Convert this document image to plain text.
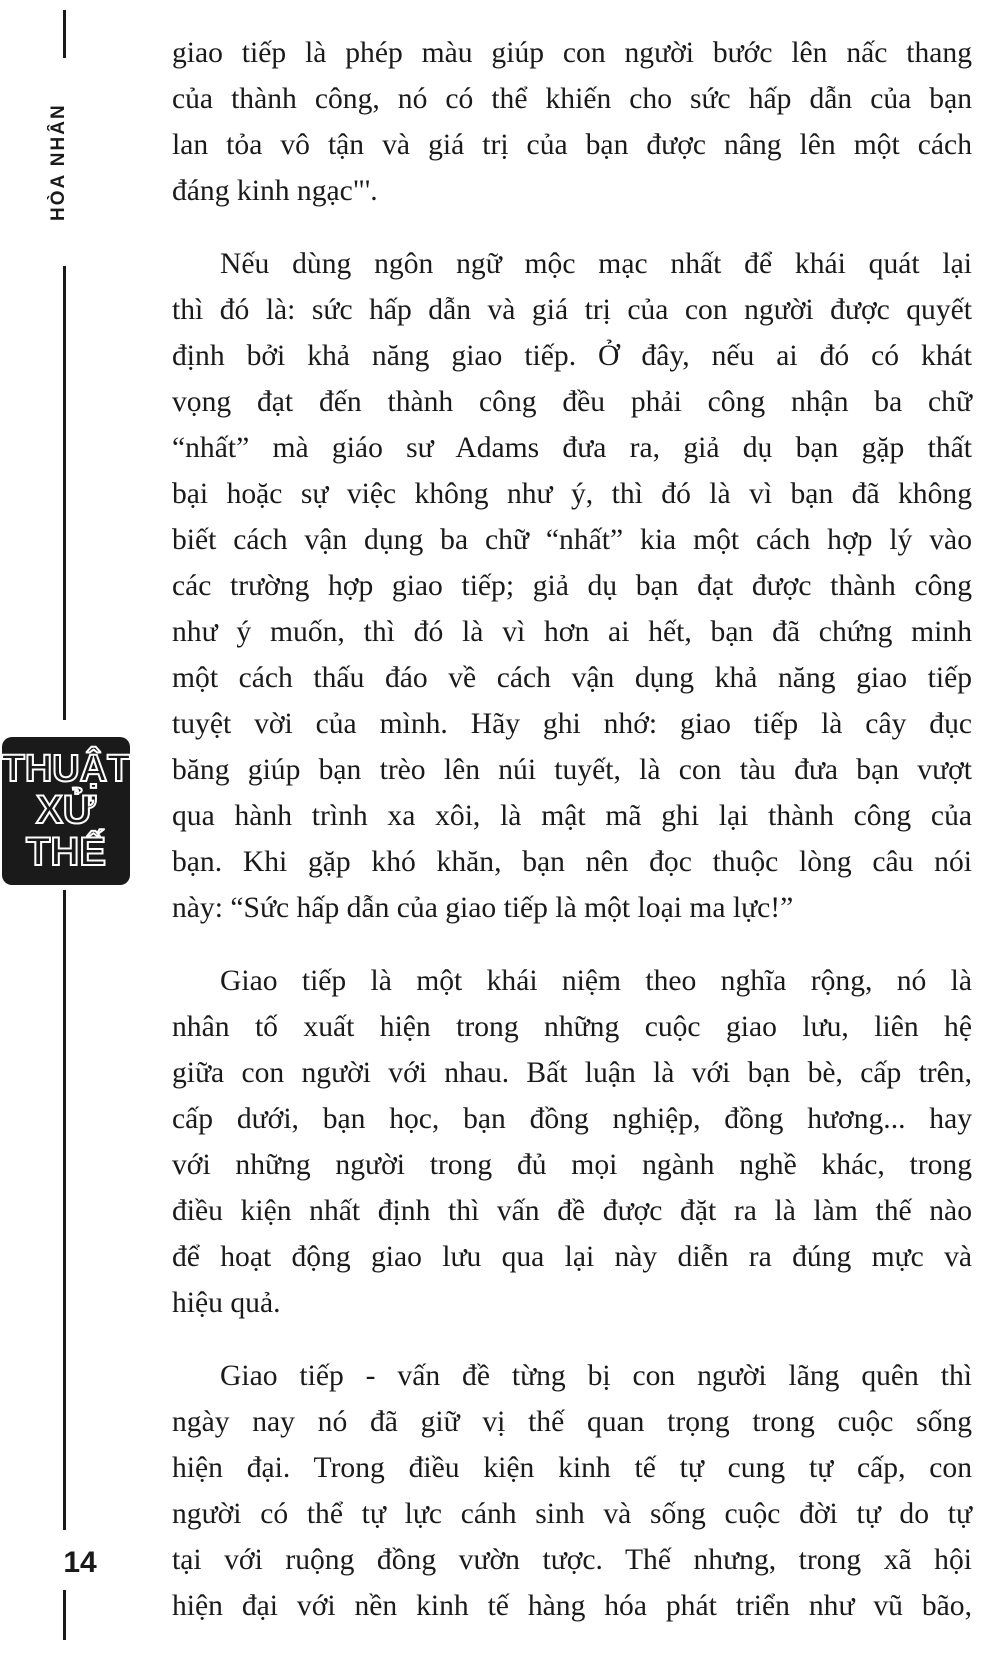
HÒA NHÂN
THUẬT
XỬ
THẾ
14
giao tiếp là phép màu giúp con người bước lên nấc thang
của thành công, nó có thể khiến cho sức hấp dẫn của bạn
lan tỏa vô tận và giá trị của bạn được nâng lên một cách
đáng kinh ngạc"'.
Nếu dùng ngôn ngữ mộc mạc nhất để khái quát lại
thì đó là: sức hấp dẫn và giá trị của con người được quyết
định bởi khả năng giao tiếp. Ở đây, nếu ai đó có khát
vọng đạt đến thành công đều phải công nhận ba chữ
“nhất” mà giáo sư Adams đưa ra, giả dụ bạn gặp thất
bại hoặc sự việc không như ý, thì đó là vì bạn đã không
biết cách vận dụng ba chữ “nhất” kia một cách hợp lý vào
các trường hợp giao tiếp; giả dụ bạn đạt được thành công
như ý muốn, thì đó là vì hơn ai hết, bạn đã chứng minh
một cách thấu đáo về cách vận dụng khả năng giao tiếp
tuyệt vời của mình. Hãy ghi nhớ: giao tiếp là cây đục
băng giúp bạn trèo lên núi tuyết, là con tàu đưa bạn vượt
qua hành trình xa xôi, là mật mã ghi lại thành công của
bạn. Khi gặp khó khăn, bạn nên đọc thuộc lòng câu nói
này: “Sức hấp dẫn của giao tiếp là một loại ma lực!”
Giao tiếp là một khái niệm theo nghĩa rộng, nó là
nhân tố xuất hiện trong những cuộc giao lưu, liên hệ
giữa con người với nhau. Bất luận là với bạn bè, cấp trên,
cấp dưới, bạn học, bạn đồng nghiệp, đồng hương... hay
với những người trong đủ mọi ngành nghề khác, trong
điều kiện nhất định thì vấn đề được đặt ra là làm thế nào
để hoạt động giao lưu qua lại này diễn ra đúng mực và
hiệu quả.
Giao tiếp - vấn đề từng bị con người lãng quên thì
ngày nay nó đã giữ vị thế quan trọng trong cuộc sống
hiện đại. Trong điều kiện kinh tế tự cung tự cấp, con
người có thể tự lực cánh sinh và sống cuộc đời tự do tự
tại với ruộng đồng vườn tược. Thế nhưng, trong xã hội
hiện đại với nền kinh tế hàng hóa phát triển như vũ bão,
